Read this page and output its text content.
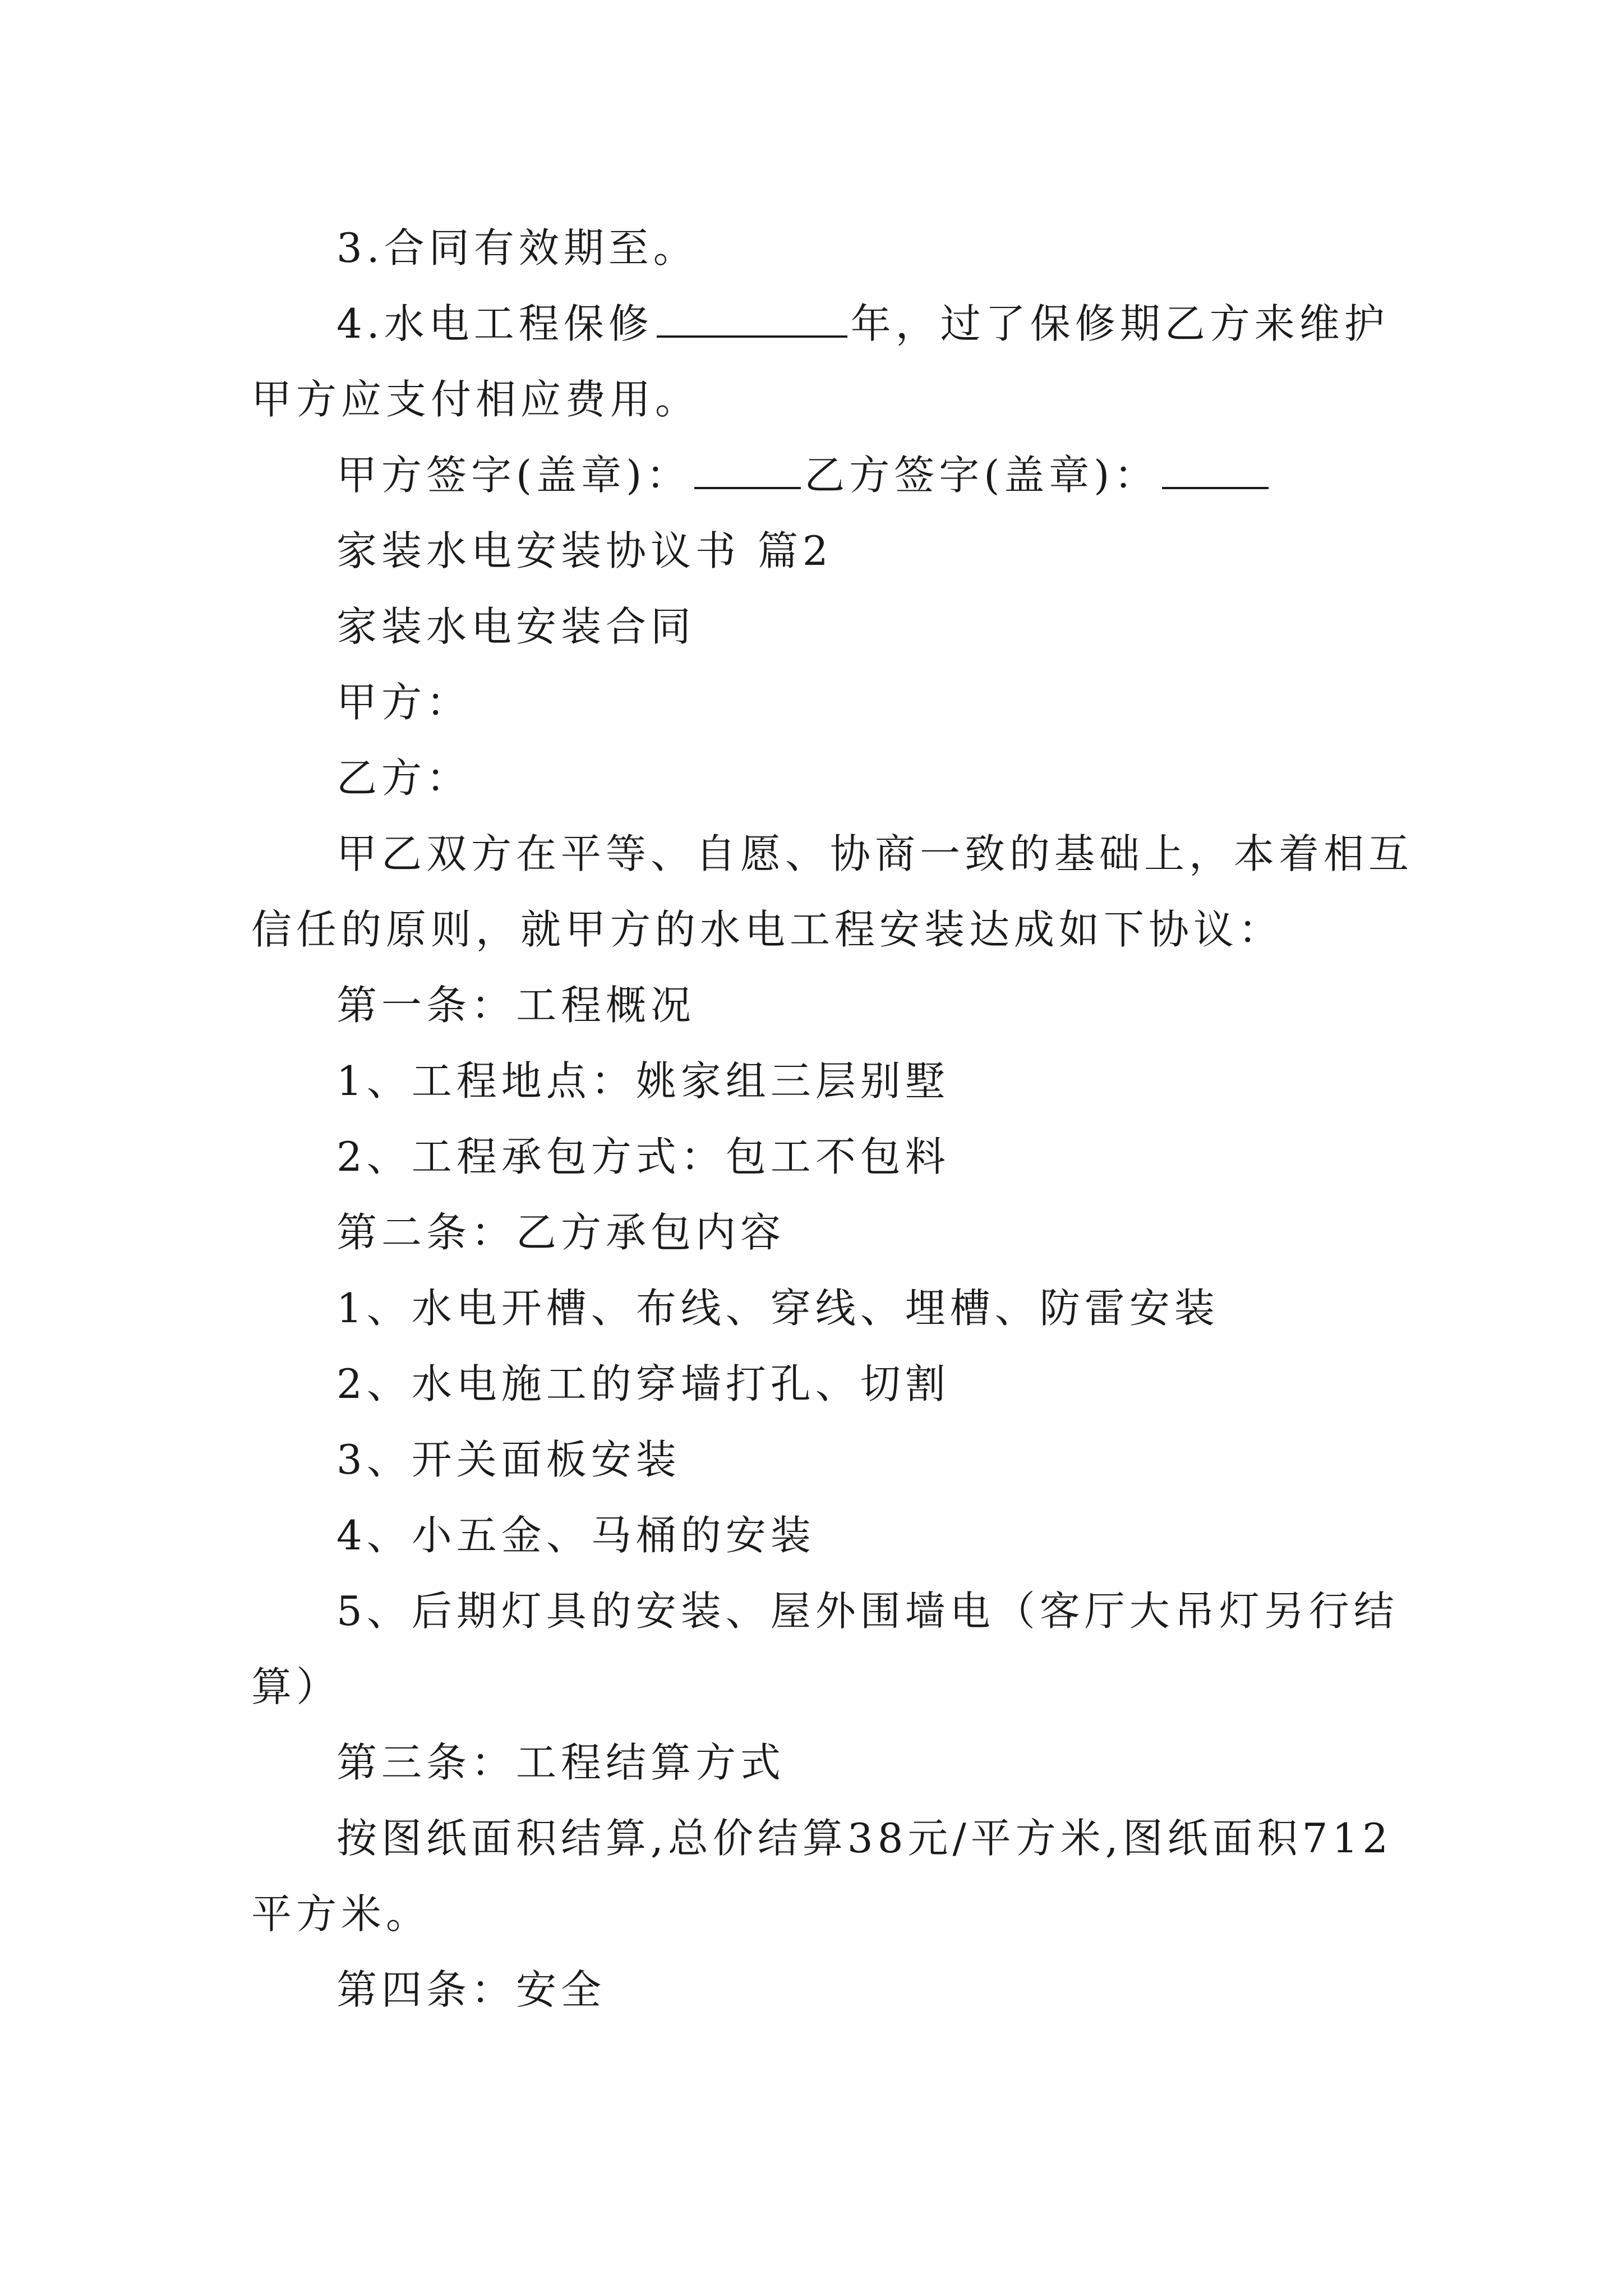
3.合同有效期至。
4.水电工程保修	年，过了保修期乙方来维护
甲方应支付相应费用。
甲方签字(盖章)：	乙方签字(盖章)：
家装水电安装协议书 篇2
家装水电安装合同
甲方：
乙方：
甲乙双方在平等、自愿、协商一致的基础上，本着相互
信任的原则，就甲方的水电工程安装达成如下协议：
第一条：工程概况
1、工程地点：姚家组三层别墅
2、工程承包方式：包工不包料
第二条：乙方承包内容
1、水电开槽、布线、穿线、埋槽、防雷安装
2、水电施工的穿墙打孔、切割
3、开关面板安装
4、小五金、马桶的安装
5、后期灯具的安装、屋外围墙电（客厅大吊灯另行结
算）
第三条：工程结算方式
按图纸面积结算,总价结算38元/平方米,图纸面积712
平方米。
第四条：安全
